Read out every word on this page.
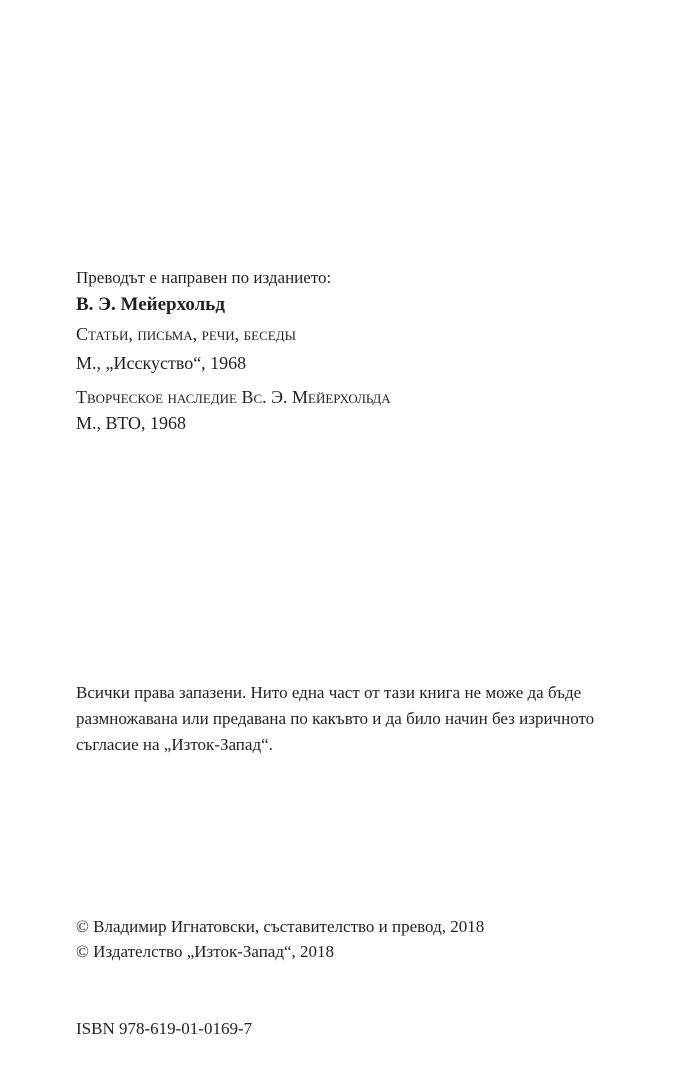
Преводът е направен по изданието:
В. Э. Мейерхольд
Статьи, письма, речи, беседы
М., „Исскуство“, 1968
Творческое наследие Вс. Э. Мейерхольда
М., ВТО, 1968
Всички права запазени. Нито една част от тази книга не може да бъде
размножавана или предавана по какъвто и да било начин без изричното
съгласие на „Изток-Запад“.
© Владимир Игнатовски, съставителство и превод, 2018
© Издателство „Изток-Запад“, 2018
ISBN 978-619-01-0169-7
